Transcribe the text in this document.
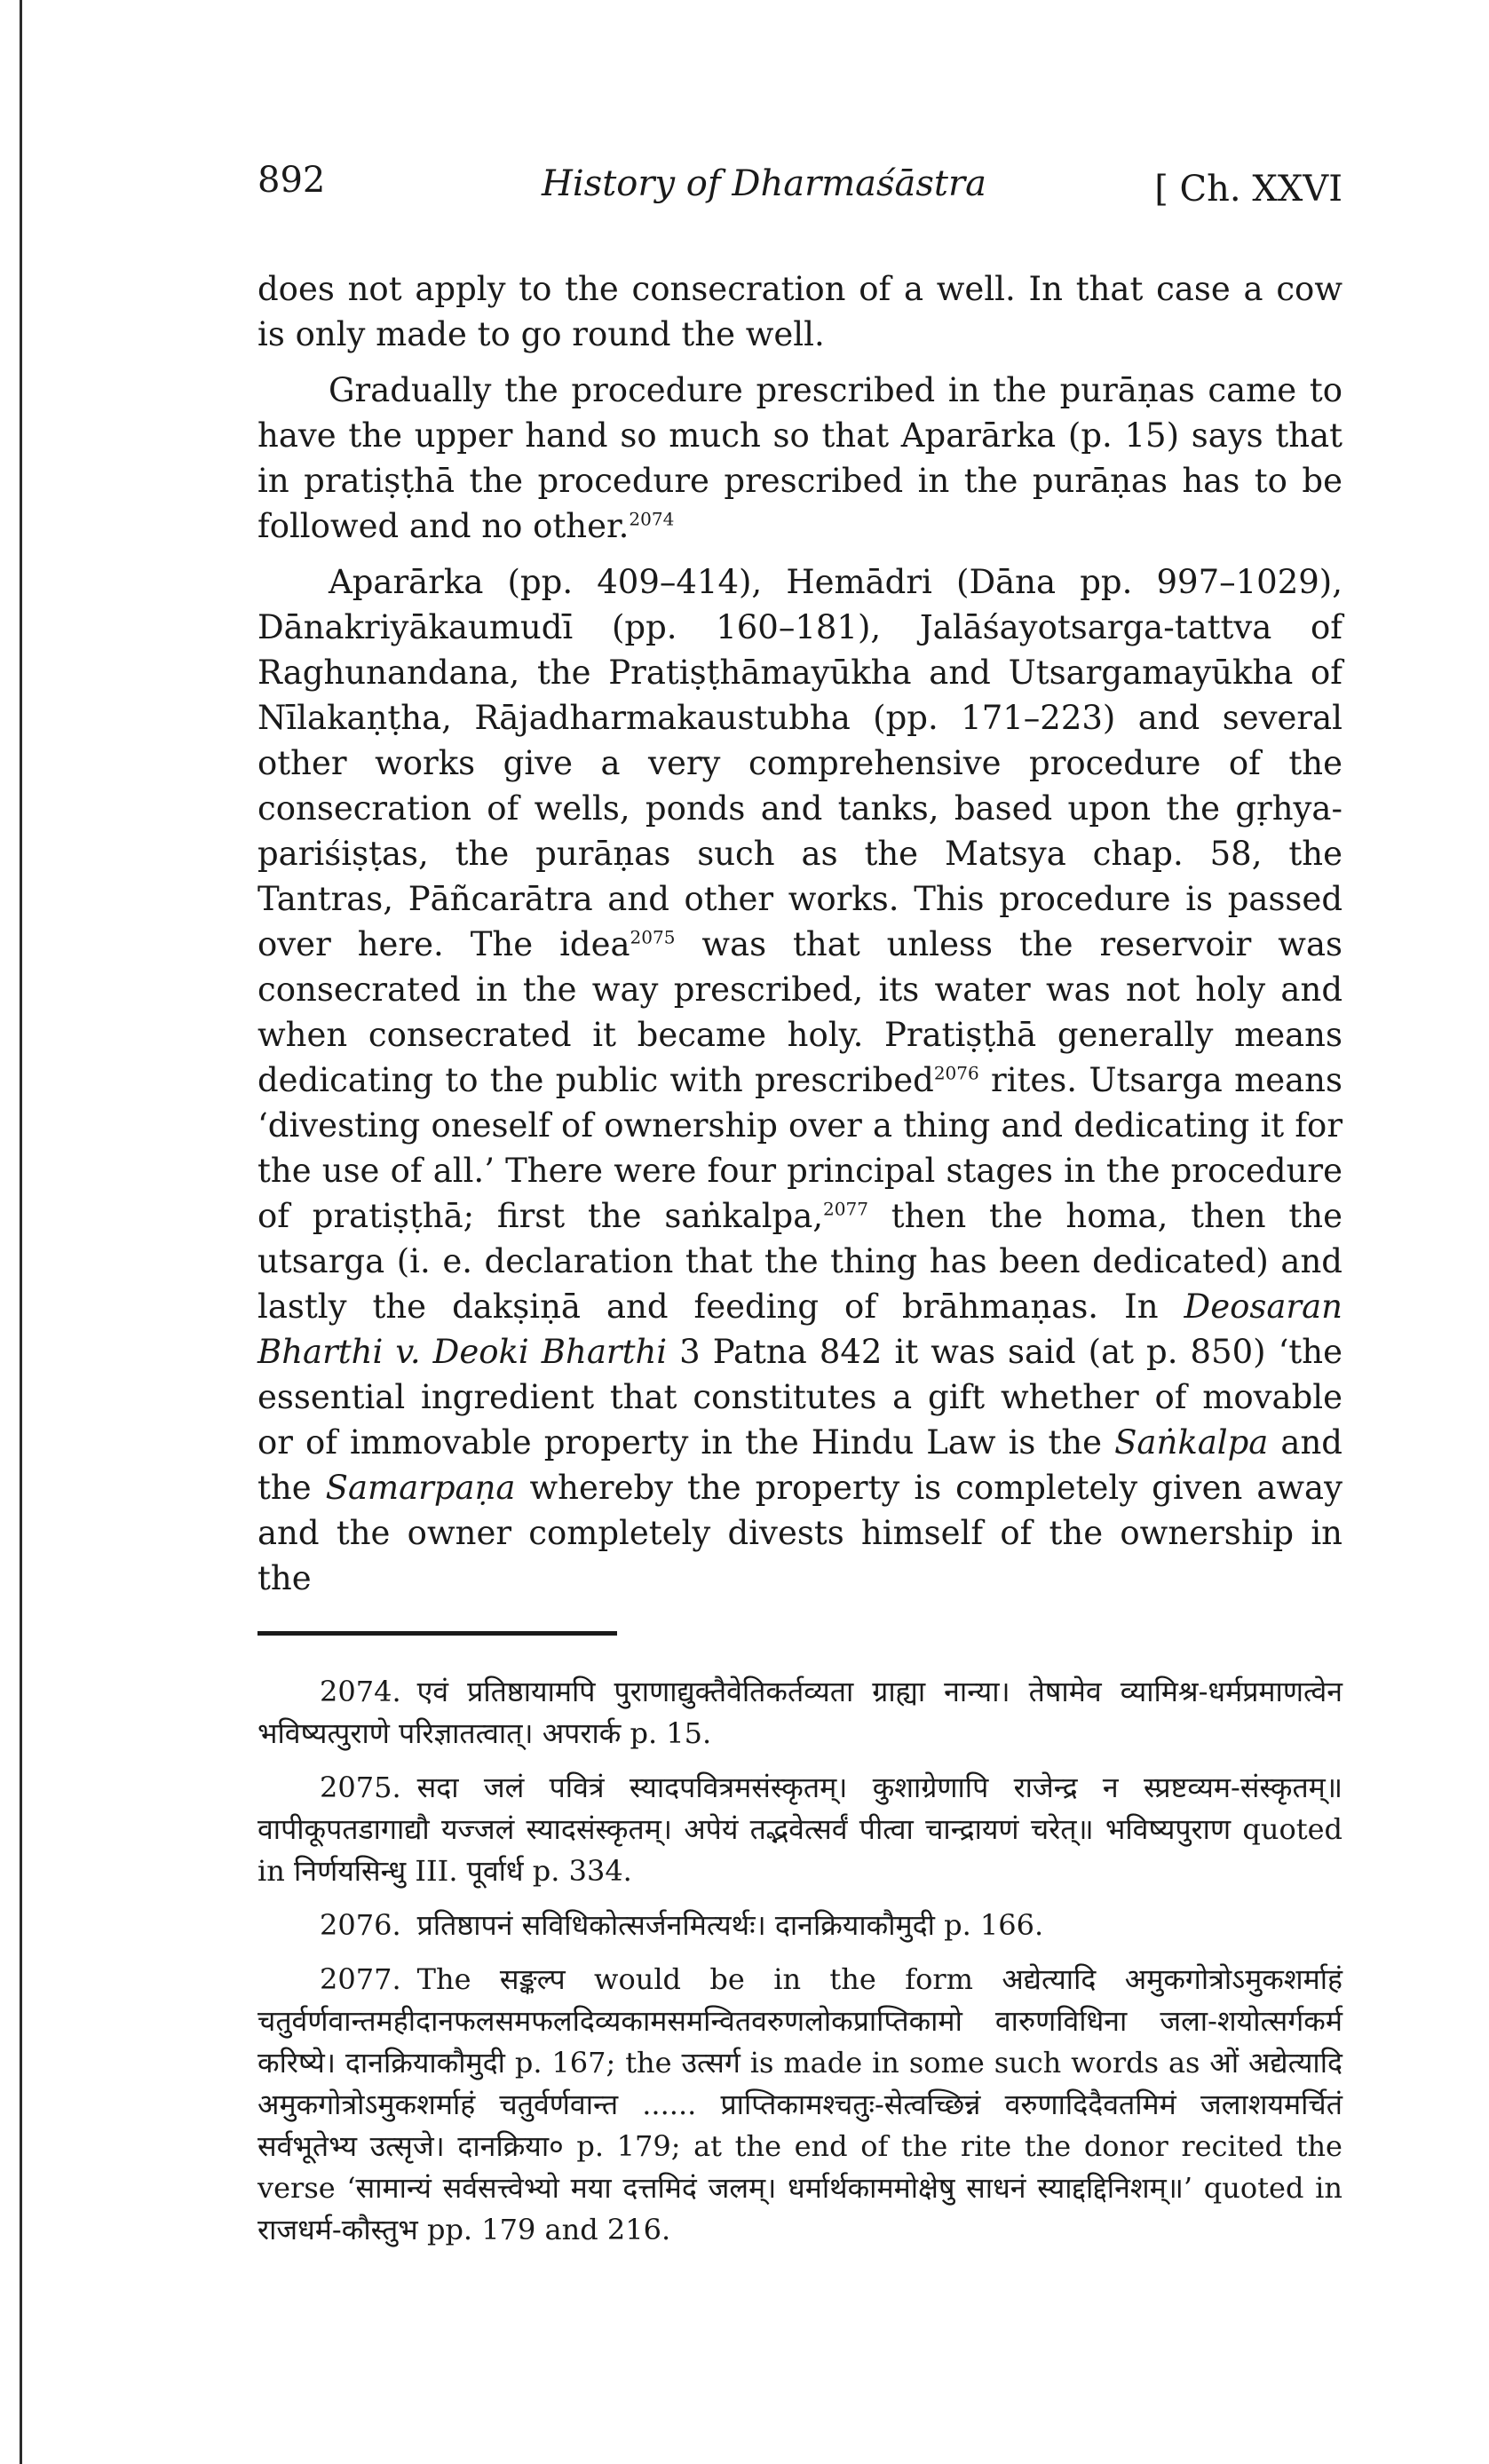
892	History of Dharmaśāstra	[ Ch. XXVI

does not apply to the consecration of a well. In that case a cow is only made to go round the well.

Gradually the procedure prescribed in the purāṇas came to have the upper hand so much so that Aparārka (p. 15) says that in pratiṣṭhā the procedure prescribed in the purāṇas has to be followed and no other.$^{2074}$

Aparārka (pp. 409–414), Hemādri (Dāna pp. 997–1029), Dānakriyākaumudī (pp. 160–181), Jalāśayotsarga-tattva of Raghunandana, the Pratiṣṭhāmayūkha and Utsargamayūkha of Nīlakaṇṭha, Rājadharmakaustubha (pp. 171–223) and several other works give a very comprehensive procedure of the consecration of wells, ponds and tanks, based upon the gṛhya-pariśiṣṭas, the purāṇas such as the Matsya chap. 58, the Tantras, Pāñcarātra and other works. This procedure is passed over here. The idea$^{2075}$ was that unless the reservoir was consecrated in the way prescribed, its water was not holy and when consecrated it became holy. Pratiṣṭhā generally means dedicating to the public with prescribed$^{2076}$ rites. Utsarga means ‘divesting oneself of ownership over a thing and dedicating it for the use of all.’ There were four principal stages in the procedure of pratiṣṭhā; first the saṅkalpa,$^{2077}$ then the homa, then the utsarga (i. e. declaration that the thing has been dedicated) and lastly the dakṣiṇā and feeding of brāhmaṇas. In Deosaran Bharthi v. Deoki Bharthi 3 Patna 842 it was said (at p. 850) ‘the essential ingredient that constitutes a gift whether of movable or of immovable property in the Hindu Law is the Saṅkalpa and the Samarpaṇa whereby the property is completely given away and the owner completely divests himself of the ownership in the

2074. एवं प्रतिष्ठायामपि पुराणाद्युक्तैवेतिकर्तव्यता ग्राह्या नान्या। तेषामेव व्यामिश्र-धर्मप्रमाणत्वेन भविष्यत्पुराणे परिज्ञातत्वात्। अपरार्क p. 15.

2075. सदा जलं पवित्रं स्यादपवित्रमसंस्कृतम्। कुशाग्रेणापि राजेन्द्र न स्प्रष्टव्यम-संस्कृतम्॥ वापीकूपतडागाद्यौ यज्जलं स्यादसंस्कृतम्। अपेयं तद्भवेत्सर्वं पीत्वा चान्द्रायणं चरेत्॥ भविष्यपुराण quoted in निर्णयसिन्धु III. पूर्वार्ध p. 334.

2076. प्रतिष्ठापनं सविधिकोत्सर्जनमित्यर्थः। दानक्रियाकौमुदी p. 166.

2077. The सङ्कल्प would be in the form अद्येत्यादि अमुकगोत्रोऽमुकशर्माहं चतुर्वर्णवान्तमहीदानफलसमफलदिव्यकामसमन्वितवरुणलोकप्राप्तिकामो वारुणविधिना जला-शयोत्सर्गकर्म करिष्ये। दानक्रियाकौमुदी p. 167; the उत्सर्ग is made in some such words as ओं अद्येत्यादि अमुकगोत्रोऽमुकशर्माहं चतुर्वर्णवान्त ...... प्राप्तिकामश्चतुः-सेत्वच्छिन्नं वरुणादिदैवतमिमं जलाशयमर्चितं सर्वभूतेभ्य उत्सृजे। दानक्रिया० p. 179; at the end of the rite the donor recited the verse ‘सामान्यं सर्वसत्त्वेभ्यो मया दत्तमिदं जलम्। धर्मार्थकाममोक्षेषु साधनं स्याद्दद्दिनिशम्॥’ quoted in राजधर्म-कौस्तुभ pp. 179 and 216.
